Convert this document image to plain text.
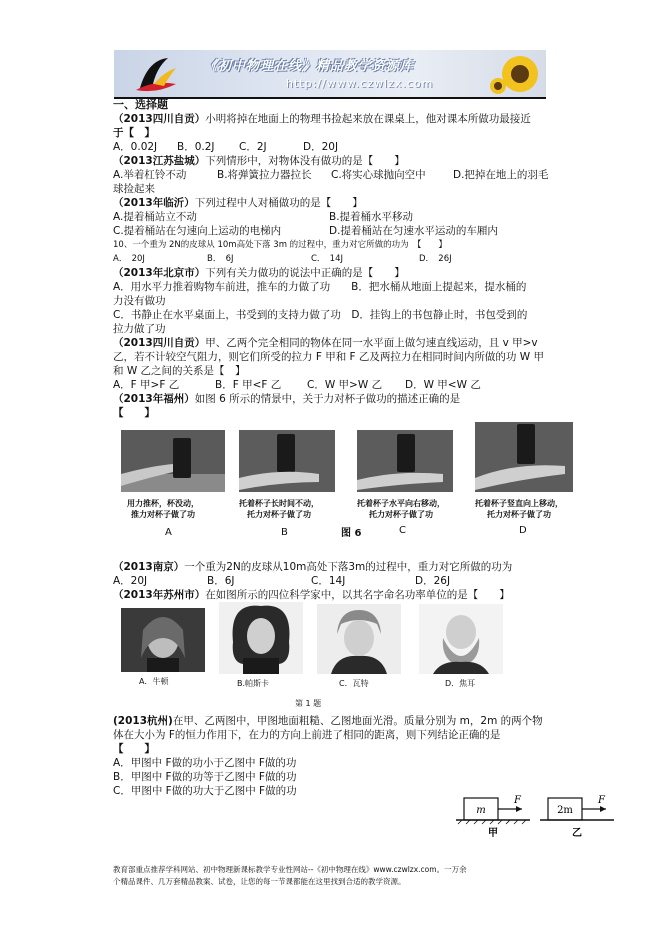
《初中物理在线》精品教学资源库
http://www.czwlzx.com
一、选择题
（2013四川自贡）小明将掉在地面上的物理书捡起来放在课桌上，他对课本所做功最接近
于【　】
A．0.02J	B．0.2J	C．2J	D．20J
（2013江苏盐城）下列情形中，对物体没有做功的是【　　】
A.举着杠铃不动	B.将弹簧拉力器拉长	C.将实心球抛向空中	D.把掉在地上的羽毛
球捡起来
（2013年临沂）下列过程中人对桶做功的是【　　】
A.提着桶站立不动	B.提着桶水平移动
C.提着桶站在匀速向上运动的电梯内	D.提着桶站在匀速水平运动的车厢内
10、一个重为 2N的皮球从 10m高处下落 3m 的过程中，重力对它所做的功为　【　　】
A．　20J	B．　6J	C．　14J	D．　26J
（2013年北京市）下列有关力做功的说法中正确的是【　　】
A．用水平力推着购物车前进，推车的力做了功　　B．把水桶从地面上提起来，提水桶的
力没有做功
C．书静止在水平桌面上，书受到的支持力做了功　D．挂钩上的书包静止时，书包受到的
拉力做了功
（2013四川自贡）甲、乙两个完全相同的物体在同一水平面上做匀速直线运动，且 v 甲>v
乙，若不计较空气阻力，则它们所受的拉力 F 甲和 F 乙及两拉力在相同时间内所做的功 W 甲
和 W 乙之间的关系是【　】
A．F 甲>F 乙	B．F 甲<F 乙	C．W 甲>W 乙	D．W 甲<W 乙
（2013年福州）如图 6 所示的情景中，关于力对杯子做功的描述正确的是
【　　】
用力推杯，杯没动，
推力对杯子做了功
托着杯子长时间不动，
托力对杯子做了功
托着杯子水平向右移动，
托力对杯子做了功
托着杯子竖直向上移动，
托力对杯子做了功
A	B	图 6	C	D
（2013南京）一个重为2N的皮球从10m高处下落3m的过程中，重力对它所做的功为
A．20J	B．6J	C．14J	D．26J
（2013年苏州市）在如图所示的四位科学家中，以其名字命名功率单位的是【　　】
A．牛顿	B.帕斯卡	C．瓦特	D．焦耳
第 1 题
(2013杭州)在甲、乙两图中，甲图地面粗糙、乙图地面光滑。质量分别为 m，2m 的两个物
体在大小为 F的恒力作用下，在力的方向上前进了相同的距离，则下列结论正确的是
【　　】
A．甲图中 F做的功小于乙图中 F做的功
B．甲图中 F做的功等于乙图中 F做的功
C．甲图中 F做的功大于乙图中 F做的功
m
F
2m
F
甲	乙
教育部重点推荐学科网站、初中物理新课标教学专业性网站--《初中物理在线》www.czwlzx.com。一万余
个精品课件、几万套精品教案、试卷，让您的每一节课都能在这里找到合适的教学资源。
